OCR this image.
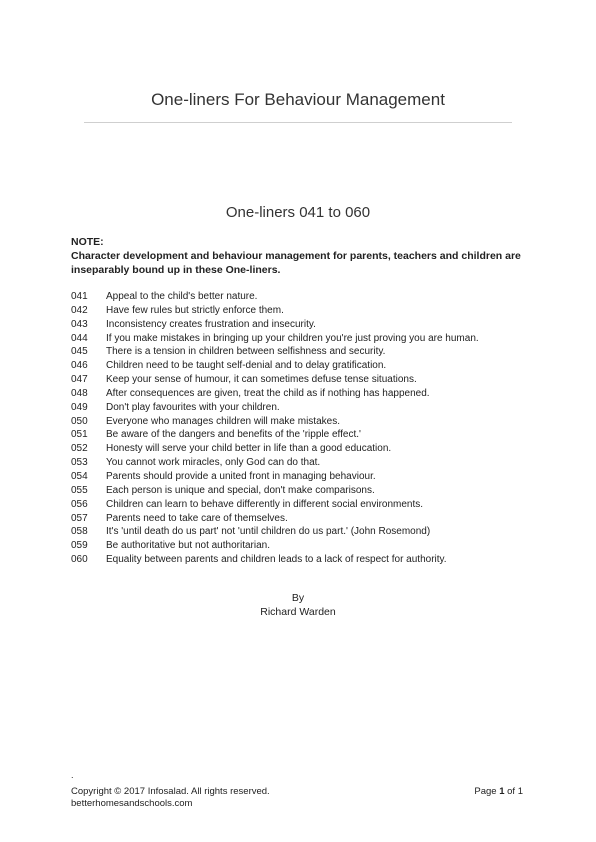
One-liners For Behaviour Management
One-liners 041 to 060
NOTE:
Character development and behaviour management for parents, teachers and children are inseparably bound up in these One-liners.
041	Appeal to the child's better nature.
042	Have few rules but strictly enforce them.
043	Inconsistency creates frustration and insecurity.
044	If you make mistakes in bringing up your children you're just proving you are human.
045	There is a tension in children between selfishness and security.
046	Children need to be taught self-denial and to delay gratification.
047	Keep your sense of humour, it can sometimes defuse tense situations.
048	After consequences are given, treat the child as if nothing has happened.
049	Don't play favourites with your children.
050	Everyone who manages children will make mistakes.
051	Be aware of the dangers and benefits of the 'ripple effect.'
052	Honesty will serve your child better in life than a good education.
053	You cannot work miracles, only God can do that.
054	Parents should provide a united front in managing behaviour.
055	Each person is unique and special, don't make comparisons.
056	Children can learn to behave differently in different social environments.
057	Parents need to take care of themselves.
058	It's 'until death do us part' not 'until children do us part.' (John Rosemond)
059	Be authoritative but not authoritarian.
060	Equality between parents and children leads to a lack of respect for authority.
By
Richard Warden
.
Copyright © 2017 Infosalad. All rights reserved.
betterhomesandschools.com
Page 1 of 1
